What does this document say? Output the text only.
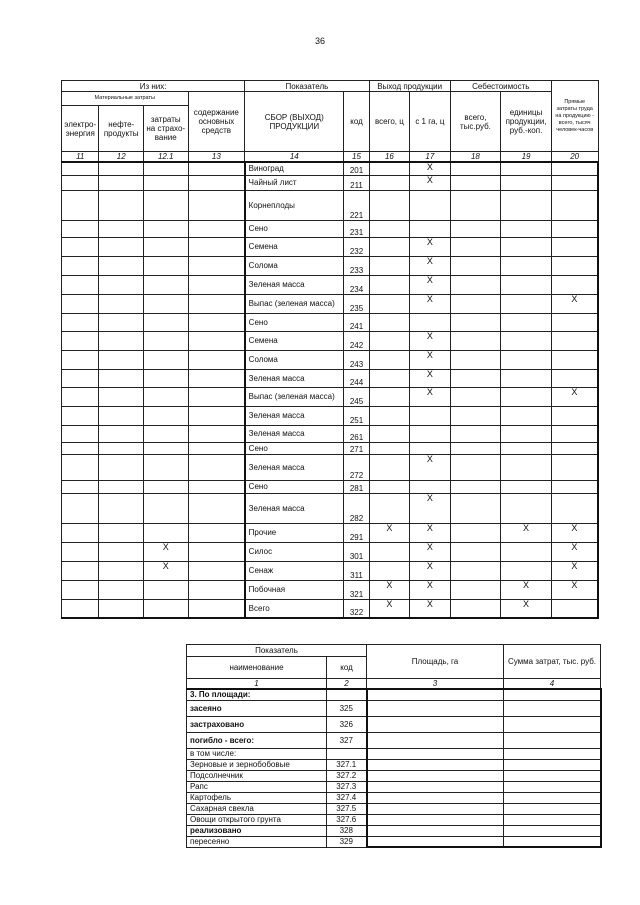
36
Из них:				Показатель		Выход продукции		Себестоимость		Прямые затраты труда на продукцию - всего, тысяч человек-часов
Материальные затраты			содержание основных средств	СБОР (ВЫХОД) ПРОДУКЦИИ	код	всего, ц	с 1 га, ц	всего, тыс.руб.	единицы продукции, руб.-коп.	
электро-энергия	нефте-продукты	затраты на страхо-вание								
11	12	12.1	13	14	15	16	17	18	19	20
				Виноград	201		X			
				Чайный лист	211		X			
				Корнеплоды	221					
				Сено	231					
				Семена	232		X			
				Солома	233		X			
				Зеленая масса	234		X			
				Выпас (зеленая масса)	235		X			X
				Сено	241					
				Семена	242		X			
				Солома	243		X			
				Зеленая масса	244		X			
				Выпас (зеленая масса)	245		X			X
				Зеленая масса	251					
				Зеленая масса	261					
				Сено	271					
				Зеленая масса	272		X			
				Сено	281					
				Зеленая масса	282		X			
				Прочие	291	X	X		X	X
		X		Силос	301		X			X
		X		Сенаж	311		X			X
				Побочная	321	X	X		X	X
				Всего	322	X	X		X	
Показатель		Площадь, га	Сумма затрат, тыс. руб.
наименование	код		
1	2	3	4
3. По площади:			
засеяно	325		
застраховано	326		
погибло - всего:	327		
в том числе:			
Зерновые и зернобобовые	327.1		
Подсолнечник	327.2		
Рапс	327.3		
Картофель	327.4		
Сахарная свекла	327.5		
Овощи открытого грунта	327.6		
реализовано	328		
пересеяно	329		
